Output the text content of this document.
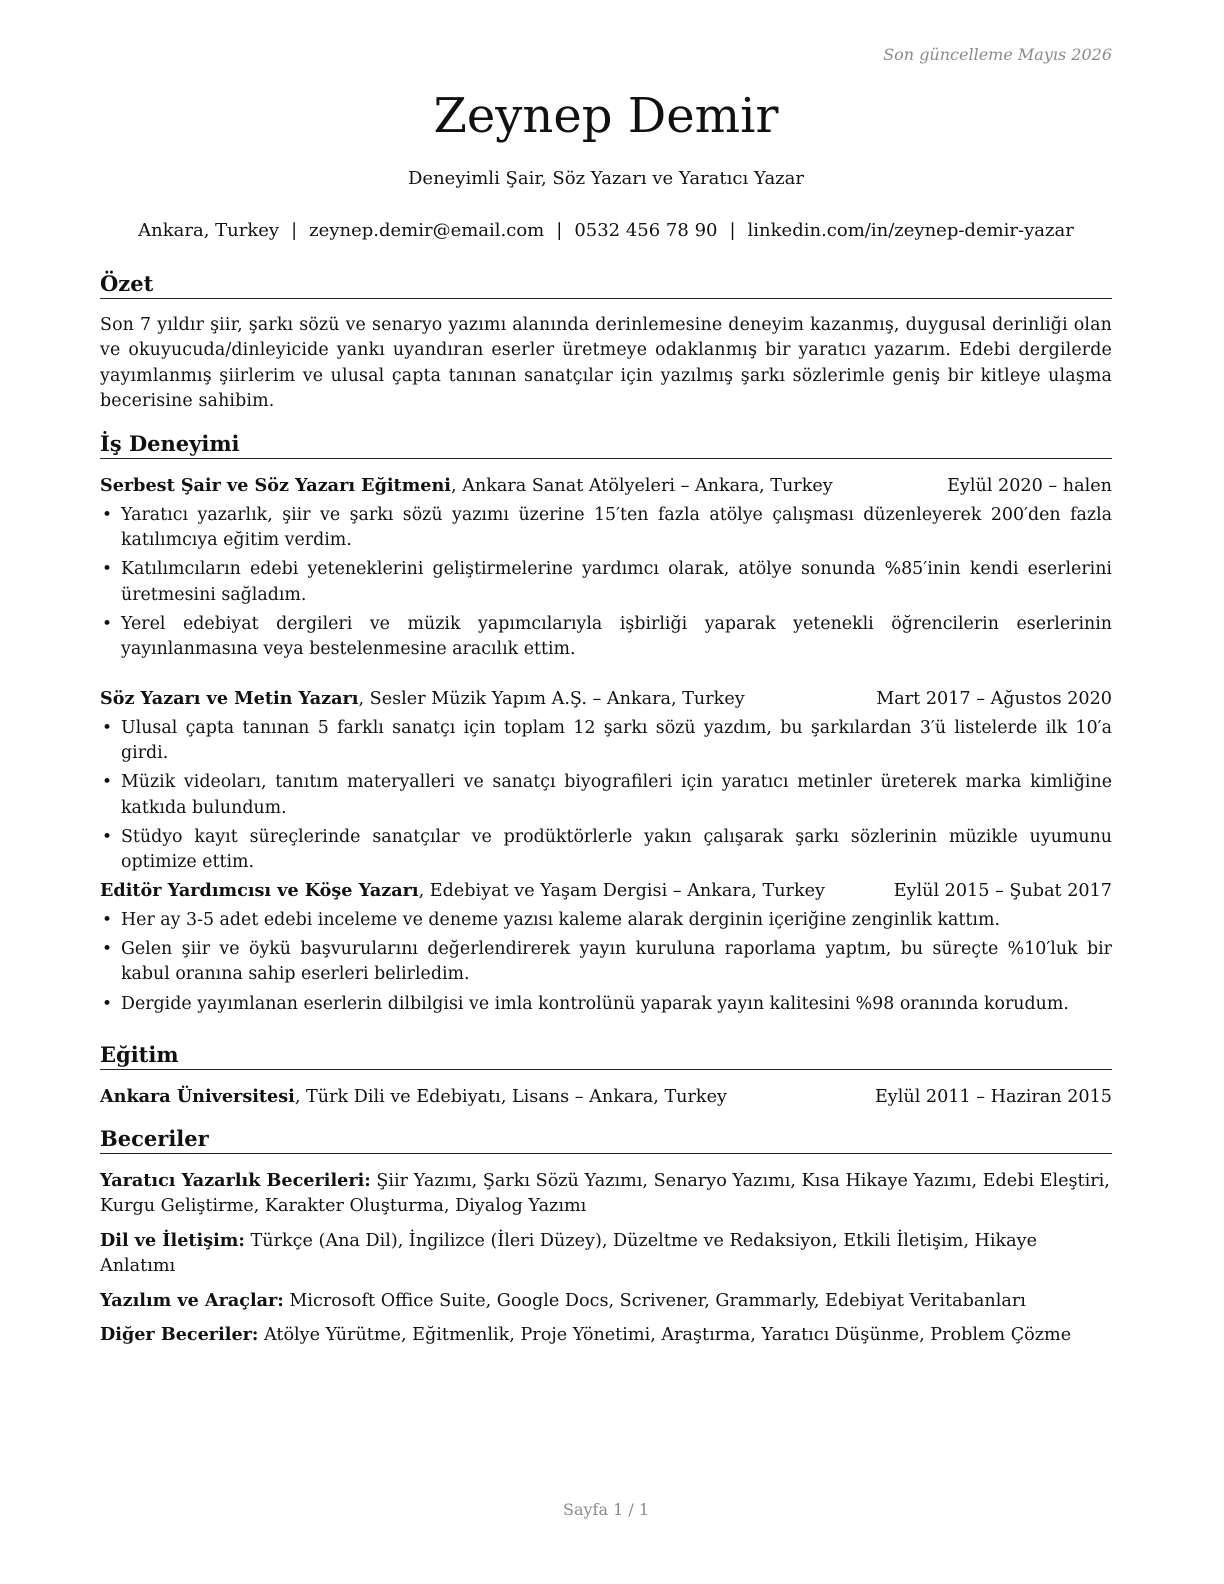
Son güncelleme Mayıs 2026
Zeynep Demir
Deneyimli Şair, Söz Yazarı ve Yaratıcı Yazar
Ankara, Turkey | zeynep.demir@email.com | 0532 456 78 90 | linkedin.com/in/zeynep-demir-yazar
Özet

Son 7 yıldır şiir, şarkı sözü ve senaryo yazımı alanında derinlemesine deneyim kazanmış, duygusal derinliği olan ve okuyucuda/dinleyicide yankı uyandıran eserler üretmeye odaklanmış bir yaratıcı yazarım. Edebi dergilerde yayımlanmış şiirlerim ve ulusal çapta tanınan sanatçılar için yazılmış şarkı sözlerimle geniş bir kitleye ulaşma becerisine sahibim.

İş Deneyimi
Serbest Şair ve Söz Yazarı Eğitmeni, Ankara Sanat Atölyeleri – Ankara, Turkey	Eylül 2020 – halen
• Yaratıcı yazarlık, şiir ve şarkı sözü yazımı üzerine 15′ten fazla atölye çalışması düzenleyerek 200′den fazla katılımcıya eğitim verdim.
• Katılımcıların edebi yeteneklerini geliştirmelerine yardımcı olarak, atölye sonunda %85′inin kendi eserlerini üretmesini sağladım.
• Yerel edebiyat dergileri ve müzik yapımcılarıyla işbirliği yaparak yetenekli öğrencilerin eserlerinin yayınlanmasına veya bestelenmesine aracılık ettim.
Söz Yazarı ve Metin Yazarı, Sesler Müzik Yapım A.Ş. – Ankara, Turkey	Mart 2017 – Ağustos 2020
• Ulusal çapta tanınan 5 farklı sanatçı için toplam 12 şarkı sözü yazdım, bu şarkılardan 3′ü listelerde ilk 10′a girdi.
• Müzik videoları, tanıtım materyalleri ve sanatçı biyografileri için yaratıcı metinler üreterek marka kimliğine katkıda bulundum.
• Stüdyo kayıt süreçlerinde sanatçılar ve prodüktörlerle yakın çalışarak şarkı sözlerinin müzikle uyumunu optimize ettim.
Editör Yardımcısı ve Köşe Yazarı, Edebiyat ve Yaşam Dergisi – Ankara, Turkey	Eylül 2015 – Şubat 2017
• Her ay 3-5 adet edebi inceleme ve deneme yazısı kaleme alarak derginin içeriğine zenginlik kattım.
• Gelen şiir ve öykü başvurularını değerlendirerek yayın kuruluna raporlama yaptım, bu süreçte %10′luk bir kabul oranına sahip eserleri belirledim.
• Dergide yayımlanan eserlerin dilbilgisi ve imla kontrolünü yaparak yayın kalitesini %98 oranında korudum.
Eğitim
Ankara Üniversitesi, Türk Dili ve Edebiyatı, Lisans – Ankara, Turkey	Eylül 2011 – Haziran 2015
Beceriler
Yaratıcı Yazarlık Becerileri: Şiir Yazımı, Şarkı Sözü Yazımı, Senaryo Yazımı, Kısa Hikaye Yazımı, Edebi Eleştiri, Kurgu Geliştirme, Karakter Oluşturma, Diyalog Yazımı
Dil ve İletişim: Türkçe (Ana Dil), İngilizce (İleri Düzey), Düzeltme ve Redaksiyon, Etkili İletişim, Hikaye Anlatımı
Yazılım ve Araçlar: Microsoft Office Suite, Google Docs, Scrivener, Grammarly, Edebiyat Veritabanları
Diğer Beceriler: Atölye Yürütme, Eğitmenlik, Proje Yönetimi, Araştırma, Yaratıcı Düşünme, Problem Çözme
Sayfa 1 / 1
